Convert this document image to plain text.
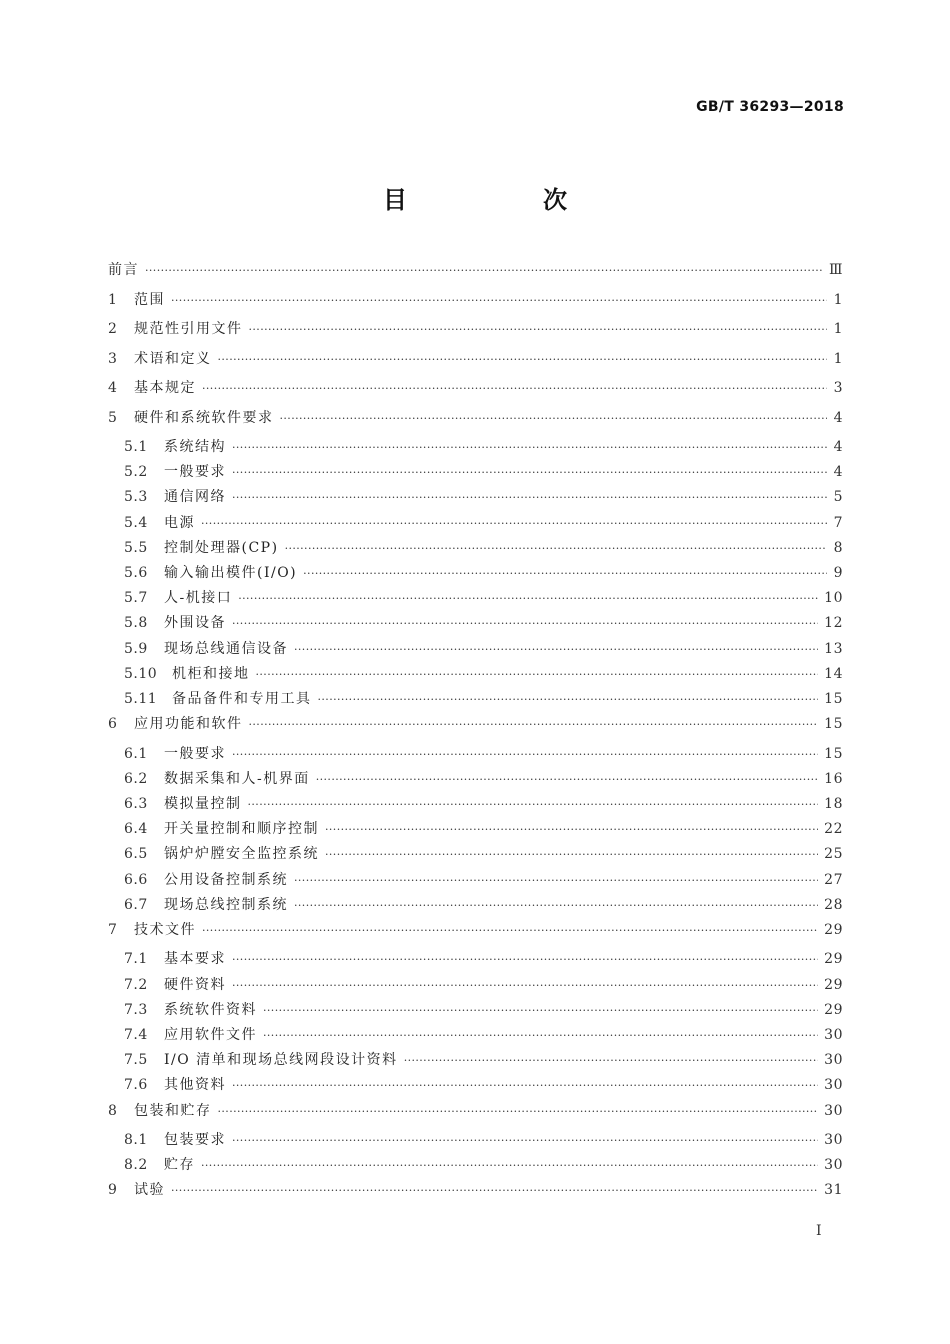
GB/T 36293—2018
目　次
前言 ·····	Ⅲ
1	范围 ·····	1
2	规范性引用文件 ·····	1
3	术语和定义 ·····	1
4	基本规定 ·····	3
5	硬件和系统软件要求 ·····	4
5.1	系统结构 ·····	4
5.2	一般要求 ·····	4
5.3	通信网络 ·····	5
5.4	电源 ·····	7
5.5	控制处理器(CP) ·····	8
5.6	输入输出模件(I/O) ·····	9
5.7	人-机接口 ·····	10
5.8	外围设备 ·····	12
5.9	现场总线通信设备 ·····	13
5.10	机柜和接地 ·····	14
5.11	备品备件和专用工具 ·····	15
6	应用功能和软件 ·····	15
6.1	一般要求 ·····	15
6.2	数据采集和人-机界面 ·····	16
6.3	模拟量控制 ·····	18
6.4	开关量控制和顺序控制 ·····	22
6.5	锅炉炉膛安全监控系统 ·····	25
6.6	公用设备控制系统 ·····	27
6.7	现场总线控制系统 ·····	28
7	技术文件 ·····	29
7.1	基本要求 ·····	29
7.2	硬件资料 ·····	29
7.3	系统软件资料 ·····	29
7.4	应用软件文件 ·····	30
7.5	I/O 清单和现场总线网段设计资料 ·····	30
7.6	其他资料 ·····	30
8	包装和贮存 ·····	30
8.1	包装要求 ·····	30
8.2	贮存 ·····	30
9	试验 ·····	31
Ⅰ
